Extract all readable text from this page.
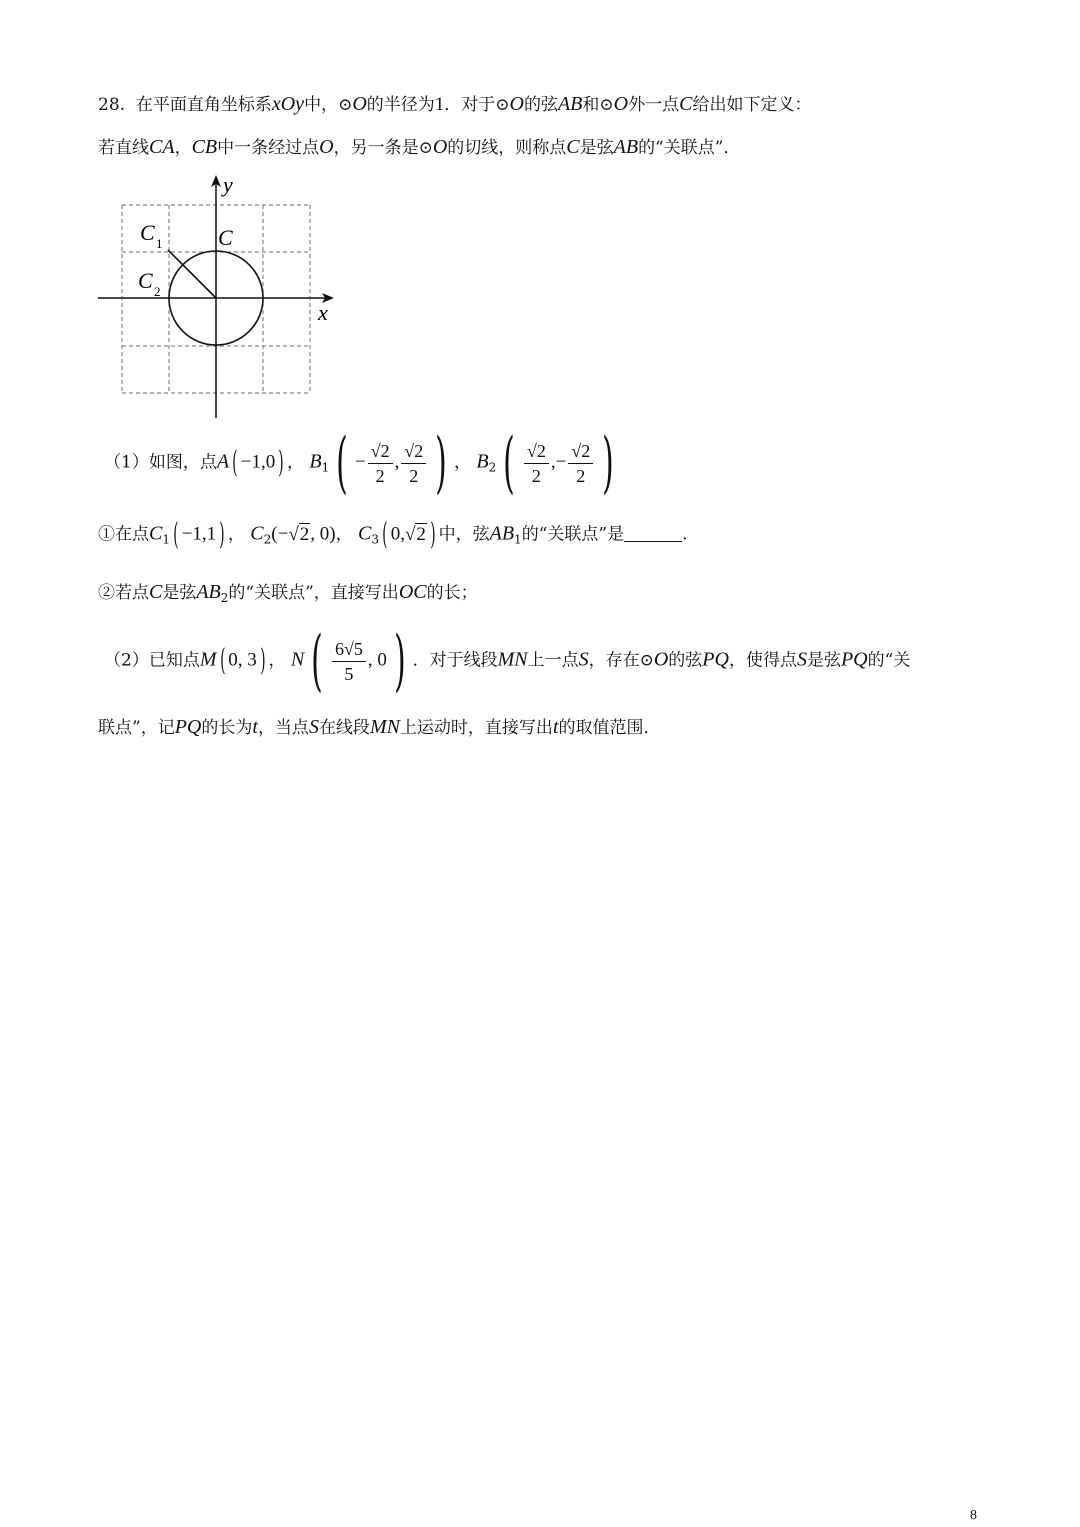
28. 在平面直角坐标系xOy中，⊙O的半径为1．对于⊙O的弦AB和⊙O外一点C给出如下定义：
若直线CA，CB中一条经过点O，另一条是⊙O的切线，则称点C是弦AB的“关联点”．
x
y
C
C 1
C 2
（1）如图，点A ( −1,0 ) ， $B_1$ ( − $\frac{√2}{2}$ , $\frac{√2}{2}$ ) ， $B_2$ ( $\frac{√2}{2}$ ,− $\frac{√2}{2}$ )
①在点$C_1$ ( −1,1 ) ， $C_2(-√2$, 0)， $C_3$ ( 0,√2 ) 中，弦$AB_1$的“关联点”是	.
②若点C是弦$AB_2$的“关联点”，直接写出OC的长；
（2）已知点M ( 0, 3 ) ， N ( $\frac{6√5}{5}$ , 0 ) ．对于线段MN上一点S，存在⊙O的弦PQ，使得点S是弦PQ的“关
联点”，记PQ的长为t，当点S在线段MN上运动时，直接写出t的取值范围．
8
